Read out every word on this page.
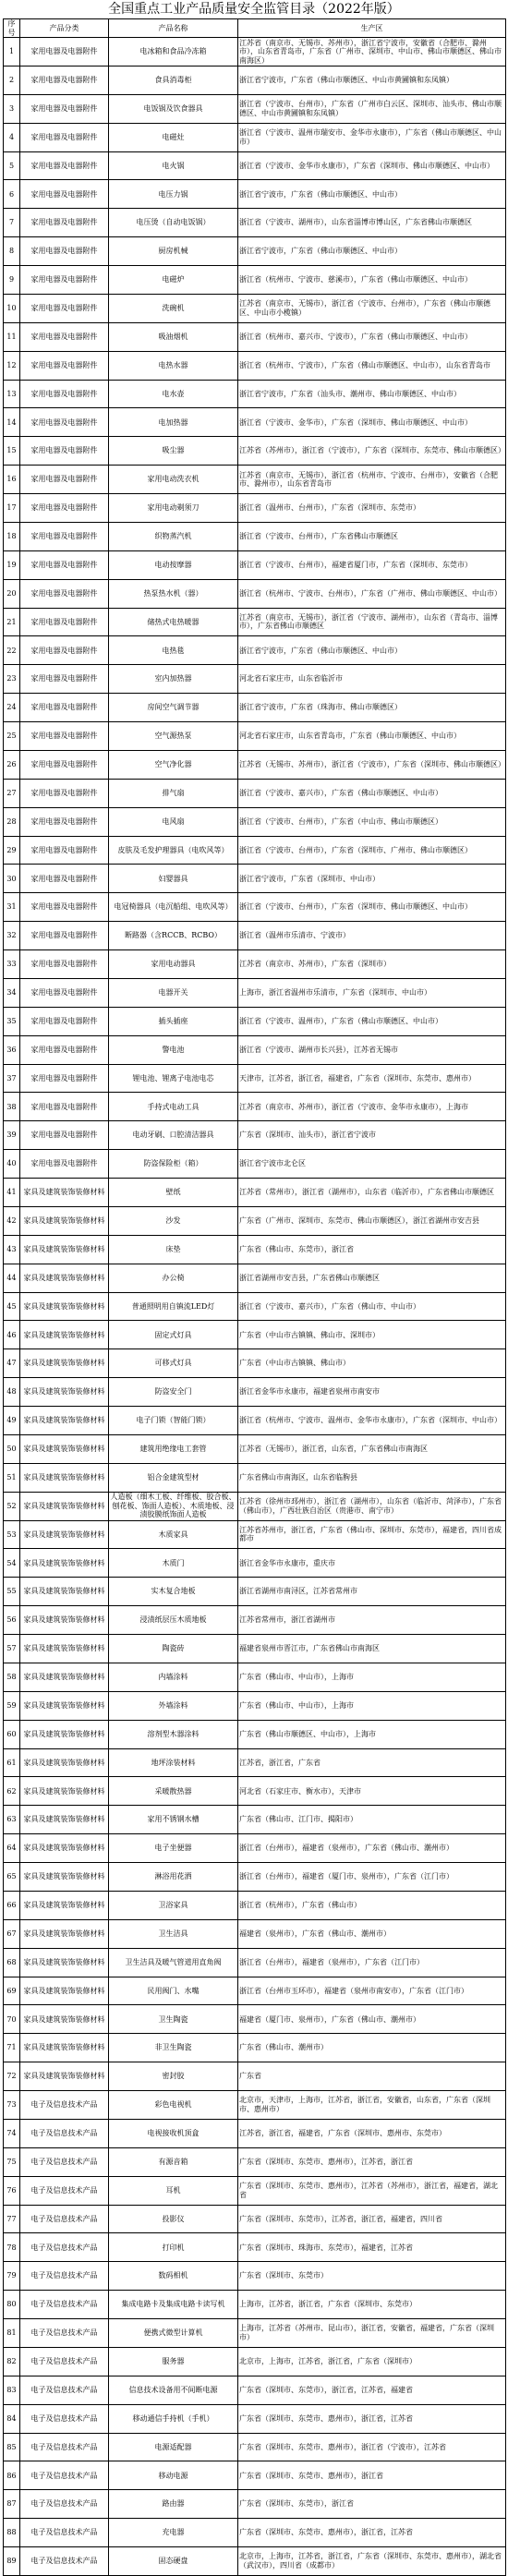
全国重点工业产品质量安全监管目录（2022年版）
序号	产品分类	产品名称	生产区
1	家用电器及电器附件	电冰箱和食品冷冻箱	江苏省（南京市、无锡市、苏州市），浙江省宁波市，安徽省（合肥市、滁州市），山东省青岛市，广东省（广州市、深圳市、中山市、佛山市顺德区、佛山市南海区）
2	家用电器及电器附件	食具消毒柜	浙江省宁波市，广东省（佛山市顺德区、中山市黄圃镇和东凤镇）
3	家用电器及电器附件	电饭锅及饮食器具	浙江省（宁波市、台州市），广东省（广州市白云区、深圳市、汕头市、佛山市顺德区、中山市黄圃镇和东凤镇）
4	家用电器及电器附件	电磁灶	浙江省（宁波市、温州市瑞安市、金华市永康市），广东省（佛山市顺德区、中山市）
5	家用电器及电器附件	电火锅	浙江省（宁波市、金华市永康市），广东省（深圳市、佛山市顺德区、中山市）
6	家用电器及电器附件	电压力锅	浙江省宁波市，广东省（佛山市顺德区、中山市）
7	家用电器及电器附件	电压烫（自动电饭锅）	浙江省（宁波市、湖州市），山东省淄博市博山区，广东省佛山市顺德区
8	家用电器及电器附件	厨房机械	浙江省宁波市，广东省（佛山市顺德区、中山市）
9	家用电器及电器附件	电磁炉	浙江省（杭州市、宁波市、慈溪市），广东省（佛山市顺德区、中山市）
10	家用电器及电器附件	洗碗机	江苏省（南京市、无锡市），浙江省（宁波市、台州市），广东省（佛山市顺德区、中山市小榄镇）
11	家用电器及电器附件	吸油烟机	浙江省（杭州市、嘉兴市、宁波市），广东省（佛山市顺德区、中山市）
12	家用电器及电器附件	电热水器	浙江省（杭州市、宁波市），广东省（佛山市顺德区、中山市），山东省青岛市
13	家用电器及电器附件	电水壶	浙江省宁波市，广东省（汕头市、潮州市、佛山市顺德区、中山市）
14	家用电器及电器附件	电加热器	浙江省（宁波市、金华市），广东省（深圳市、佛山市顺德区、中山市）
15	家用电器及电器附件	吸尘器	江苏省（苏州市），浙江省（宁波市），广东省（深圳市、东莞市、佛山市顺德区）
16	家用电器及电器附件	家用电动洗衣机	江苏省（南京市、无锡市），浙江省（杭州市、宁波市、台州市），安徽省（合肥市、滁州市），山东省青岛市
17	家用电器及电器附件	家用电动剃须刀	浙江省（温州市、台州市），广东省（深圳市、东莞市）
18	家用电器及电器附件	织物蒸汽机	浙江省（宁波市、台州市），广东省佛山市顺德区
19	家用电器及电器附件	电动按摩器	浙江省（宁波市、台州市），福建省厦门市，广东省（深圳市、东莞市）
20	家用电器及电器附件	热泵热水机（器）	浙江省（杭州市、宁波市、台州市），广东省（广州市、佛山市顺德区、中山市）
21	家用电器及电器附件	储热式电热暖器	江苏省（南京市、无锡市），浙江省（宁波市、湖州市），山东省（青岛市、淄博市），广东省佛山市顺德区
22	家用电器及电器附件	电热毯	浙江省宁波市，广东省（佛山市顺德区、中山市）
23	家用电器及电器附件	室内加热器	河北省石家庄市，山东省临沂市
24	家用电器及电器附件	房间空气调节器	浙江省宁波市，广东省（珠海市、佛山市顺德区）
25	家用电器及电器附件	空气源热泵	河北省石家庄市，山东省青岛市，广东省（佛山市顺德区、中山市）
26	家用电器及电器附件	空气净化器	江苏省（无锡市、苏州市），浙江省（宁波市），广东省（深圳市、佛山市顺德区）
27	家用电器及电器附件	排气扇	浙江省（宁波市、嘉兴市），广东省（佛山市顺德区、中山市）
28	家用电器及电器附件	电风扇	浙江省（宁波市、台州市），广东省（中山市、佛山市顺德区）
29	家用电器及电器附件	皮肤及毛发护理器具（电吹风等）	浙江省（宁波市、台州市），广东省（深圳市、广州市、佛山市顺德区）
30	家用电器及电器附件	妇婴器具	浙江省宁波市，广东省（深圳市、中山市）
31	家用电器及电器附件	电冠椅器具（电沉船组、电吹风等）	浙江省（宁波市、台州市），广东省（深圳市、佛山市顺德区、中山市）
32	家用电器及电器附件	断路器（含RCCB、RCBO）	浙江省（温州市乐清市、宁波市）
33	家用电器及电器附件	家用电动器具	江苏省（南京市、苏州市），广东省（深圳市）
34	家用电器及电器附件	电器开关	上海市，浙江省温州市乐清市，广东省（深圳市、中山市）
35	家用电器及电器附件	插头插座	浙江省（宁波市、温州市），广东省（佛山市顺德区、中山市）
36	家用电器及电器附件	警电池	浙江省（宁波市、湖州市长兴县），江苏省无锡市
37	家用电器及电器附件	锂电池、锂离子电池电芯	天津市，江苏省，浙江省，福建省，广东省（深圳市、东莞市、惠州市）
38	家用电器及电器附件	手持式电动工具	江苏省（南京市、苏州市），浙江省（宁波市、金华市永康市），上海市
39	家用电器及电器附件	电动牙刷、口腔清洁器具	广东省（深圳市、汕头市），浙江省宁波市
40	家用电器及电器附件	防盗保险柜（箱）	浙江省宁波市北仑区
41	家具及建筑装饰装修材料	壁纸	江苏省（常州市），浙江省（湖州市），山东省（临沂市），广东省佛山市顺德区
42	家具及建筑装饰装修材料	沙发	广东省（广州市、深圳市、东莞市、佛山市顺德区），浙江省湖州市安吉县
43	家具及建筑装饰装修材料	床垫	广东省（佛山市、东莞市），浙江省
44	家具及建筑装饰装修材料	办公椅	浙江省湖州市安吉县，广东省佛山市顺德区
45	家具及建筑装饰装修材料	普通照明用自镇流LED灯	浙江省（宁波市、嘉兴市），广东省（佛山市、中山市）
46	家具及建筑装饰装修材料	固定式灯具	广东省（中山市古镇镇、佛山市、深圳市）
47	家具及建筑装饰装修材料	可移式灯具	广东省（中山市古镇镇、佛山市）
48	家具及建筑装饰装修材料	防盗安全门	浙江省金华市永康市，福建省泉州市南安市
49	家具及建筑装饰装修材料	电子门锁（智能门锁）	浙江省（杭州市、宁波市、温州市、金华市永康市），广东省（深圳市、中山市）
50	家具及建筑装饰装修材料	建筑用绝缘电工套管	江苏省（无锡市），浙江省，山东省，广东省佛山市南海区
51	家具及建筑装饰装修材料	铝合金建筑型材	广东省佛山市南海区，山东省临朐县
52	家具及建筑装饰装修材料	人造板（细木工板、纤维板、胶合板、刨花板、饰面人造板）、木质地板、浸渍胶膜纸饰面人造板	江苏省（徐州市邳州市），浙江省（湖州市），山东省（临沂市、菏泽市），广东省（佛山市），广西壮族自治区（贵港市、南宁市）
53	家具及建筑装饰装修材料	木质家具	江苏省苏州市，浙江省，广东省（佛山市、深圳市、东莞市），福建省，四川省成都市
54	家具及建筑装饰装修材料	木质门	浙江省金华市永康市，重庆市
55	家具及建筑装饰装修材料	实木复合地板	浙江省湖州市南浔区，江苏省常州市
56	家具及建筑装饰装修材料	浸渍纸层压木质地板	江苏省常州市，浙江省湖州市
57	家具及建筑装饰装修材料	陶瓷砖	福建省泉州市晋江市，广东省佛山市南海区
58	家具及建筑装饰装修材料	内墙涂料	广东省（佛山市、中山市），上海市
59	家具及建筑装饰装修材料	外墙涂料	广东省（佛山市、中山市），上海市
60	家具及建筑装饰装修材料	溶剂型木器涂料	广东省（佛山市顺德区、中山市），上海市
61	家具及建筑装饰装修材料	地坪涂装材料	江苏省，浙江省，广东省
62	家具及建筑装饰装修材料	采暖散热器	河北省（石家庄市、衡水市），天津市
63	家具及建筑装饰装修材料	家用不锈钢水槽	广东省（佛山市、江门市、揭阳市）
64	家具及建筑装饰装修材料	电子坐便器	浙江省（台州市），福建省（泉州市），广东省（佛山市、潮州市）
65	家具及建筑装饰装修材料	淋浴用花洒	浙江省（台州市），福建省（厦门市、泉州市），广东省（江门市）
66	家具及建筑装饰装修材料	卫浴家具	浙江省（杭州市），广东省（佛山市）
67	家具及建筑装饰装修材料	卫生洁具	福建省（泉州市），广东省（佛山市、潮州市）
68	家具及建筑装饰装修材料	卫生洁具及暖气管道用直角阀	浙江省（台州市），福建省（泉州市），广东省（江门市）
69	家具及建筑装饰装修材料	民用阀门、水嘴	浙江省（台州市玉环市），福建省（泉州市南安市），广东省（江门市）
70	家具及建筑装饰装修材料	卫生陶瓷	福建省（厦门市、泉州市），广东省（佛山市、潮州市）
71	家具及建筑装饰装修材料	非卫生陶瓷	广东省（佛山市、潮州市）
72	家具及建筑装饰装修材料	密封胶	广东省
73	电子及信息技术产品	彩色电视机	北京市，天津市，上海市，江苏省，浙江省，安徽省，山东省，广东省（深圳市、惠州市）
74	电子及信息技术产品	电视接收机顶盒	江苏省，浙江省，福建省，广东省（深圳市、惠州市、东莞市）
75	电子及信息技术产品	有源音箱	广东省（深圳市、东莞市、惠州市），江苏省，浙江省
76	电子及信息技术产品	耳机	广东省（深圳市、东莞市、惠州市），江苏省（苏州市），浙江省，福建省，湖北省
77	电子及信息技术产品	投影仪	广东省（深圳市、东莞市），江苏省，浙江省，福建省，四川省
78	电子及信息技术产品	打印机	广东省（深圳市、珠海市、东莞市），福建省，江苏省
79	电子及信息技术产品	数码相机	广东省（深圳市、东莞市）
80	电子及信息技术产品	集成电路卡及集成电路卡读写机	上海市，江苏省，浙江省，广东省（深圳市、东莞市）
81	电子及信息技术产品	便携式微型计算机	上海市，江苏省（苏州市、昆山市），浙江省，安徽省，福建省，广东省（深圳市）
82	电子及信息技术产品	服务器	北京市，上海市，江苏省，浙江省，广东省（深圳市）
83	电子及信息技术产品	信息技术设备用不间断电源	广东省（深圳市、东莞市），浙江省，江苏省，福建省
84	电子及信息技术产品	移动通信手持机（手机）	广东省（深圳市、东莞市、惠州市），浙江省，江苏省
85	电子及信息技术产品	电源适配器	广东省（深圳市、东莞市、惠州市），浙江省（宁波市），江苏省
86	电子及信息技术产品	移动电源	广东省（深圳市、东莞市、惠州市），浙江省
87	电子及信息技术产品	路由器	广东省（深圳市、东莞市），浙江省
88	电子及信息技术产品	充电器	广东省（深圳市、东莞市、惠州市），浙江省，江苏省
89	电子及信息技术产品	固态硬盘	北京市，上海市，江苏省，浙江省，广东省（深圳市、东莞市、惠州市），湖北省（武汉市），四川省（成都市）
